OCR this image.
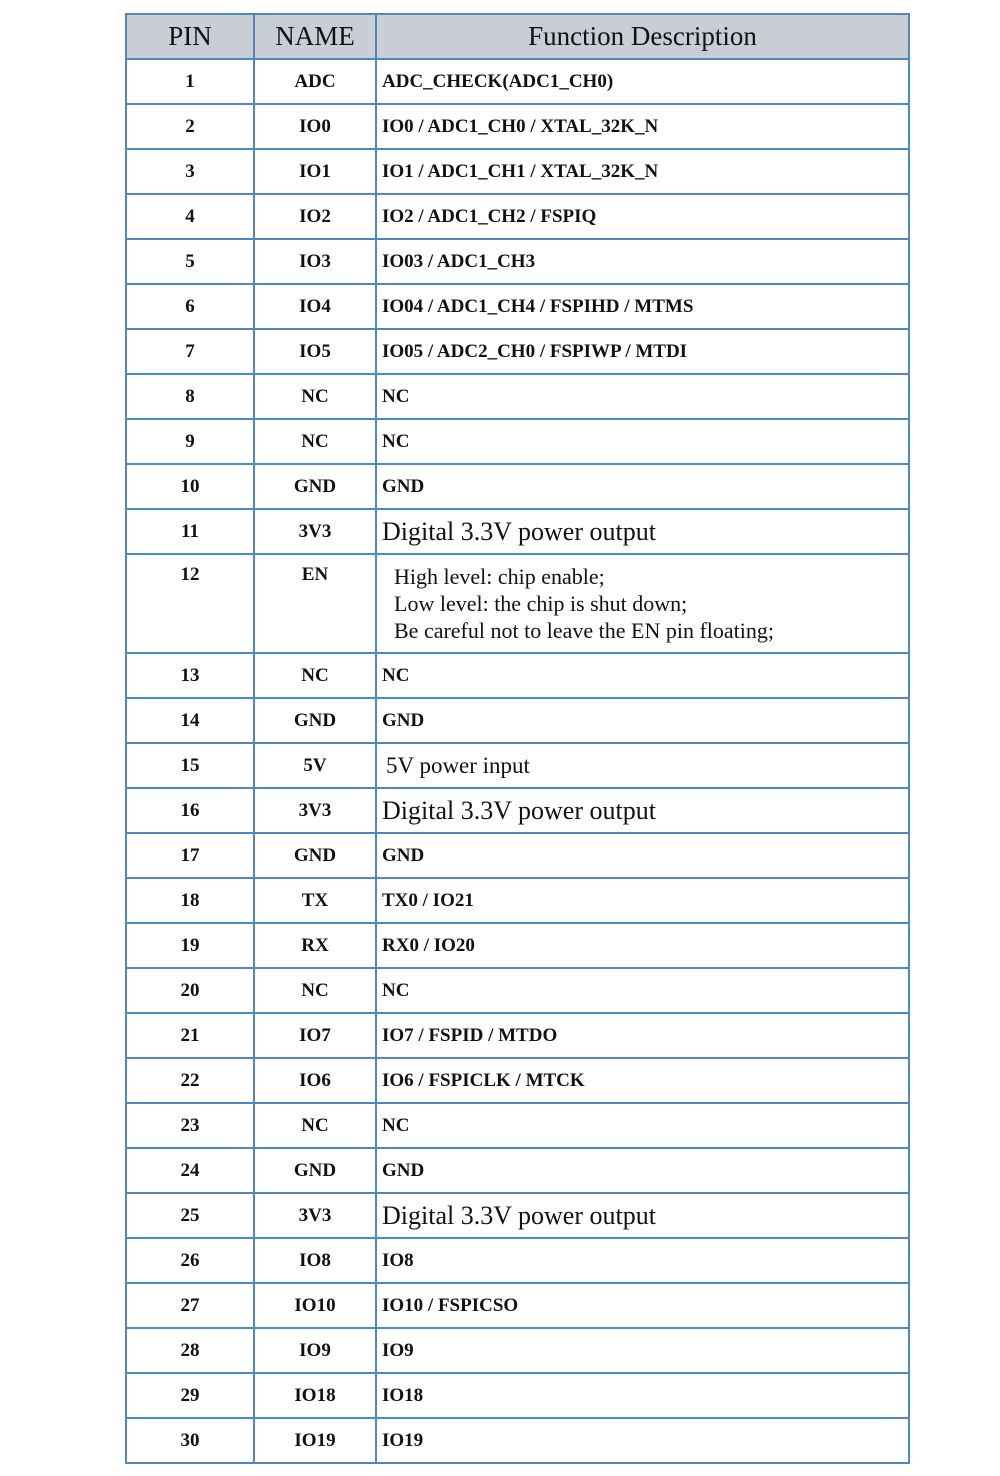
PIN	NAME	Function Description
1	ADC	ADC_CHECK(ADC1_CH0)

2	IO0	IO0 / ADC1_CH0 / XTAL_32K_N

3	IO1	IO1 / ADC1_CH1 / XTAL_32K_N

4	IO2	IO2 / ADC1_CH2 / FSPIQ

5	IO3	IO03 / ADC1_CH3

6	IO4	IO04 / ADC1_CH4 / FSPIHD / MTMS

7	IO5	IO05 / ADC2_CH0 / FSPIWP / MTDI

8	NC	NC

9	NC	NC

10	GND	GND

11	3V3	Digital 3.3V power output

12	EN	High level: chip enable;
Low level: the chip is shut down;
Be careful not to leave the EN pin floating;

13	NC	NC

14	GND	GND

15	5V	5V power input

16	3V3	Digital 3.3V power output

17	GND	GND

18	TX	TX0 / IO21

19	RX	RX0 / IO20

20	NC	NC

21	IO7	IO7 / FSPID / MTDO

22	IO6	IO6 / FSPICLK / MTCK

23	NC	NC

24	GND	GND

25	3V3	Digital 3.3V power output

26	IO8	IO8

27	IO10	IO10 / FSPICSO

28	IO9	IO9

29	IO18	IO18

30	IO19	IO19
